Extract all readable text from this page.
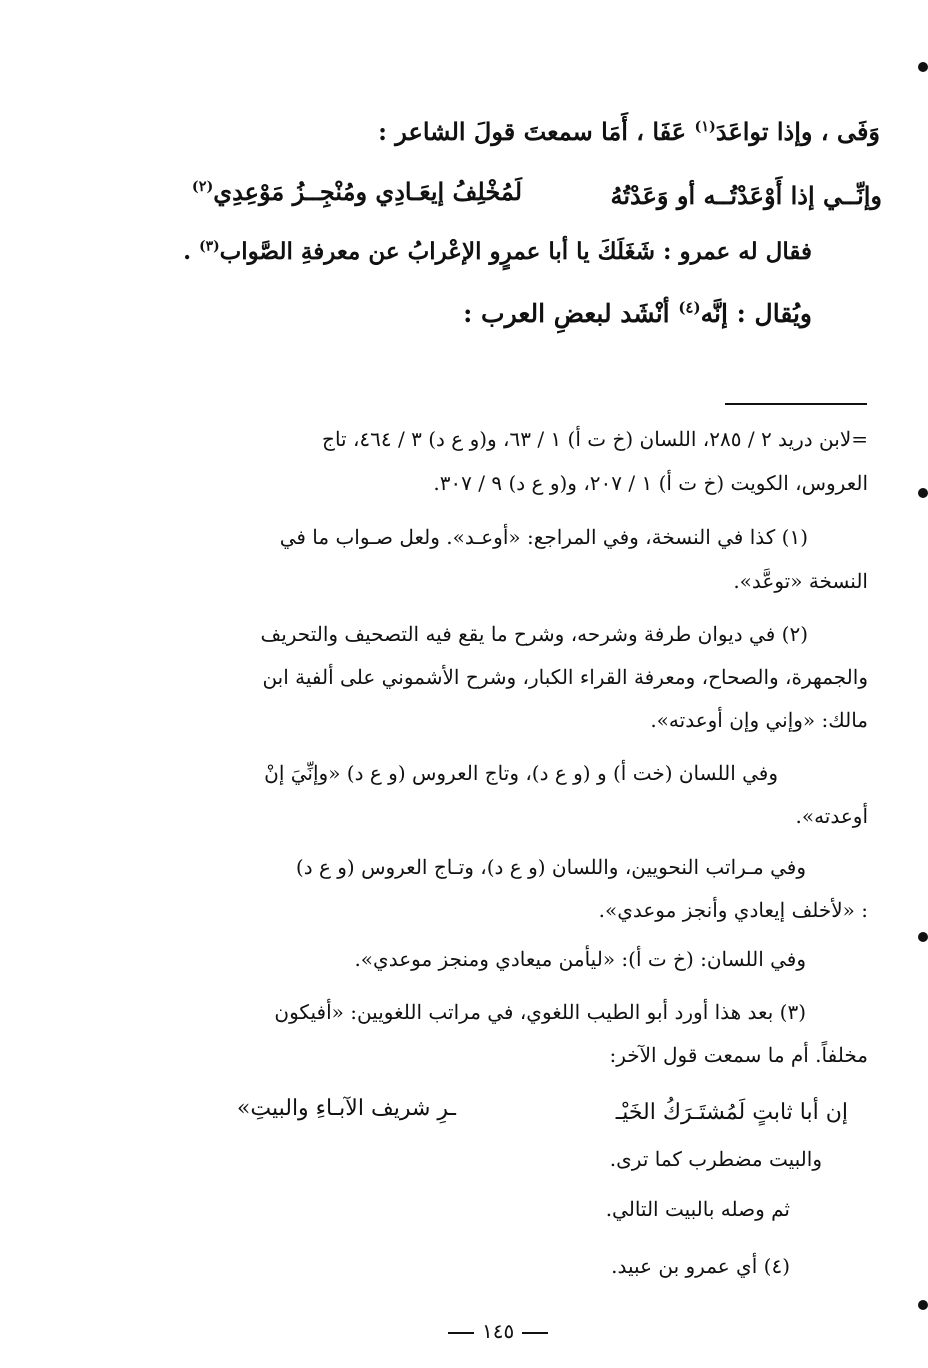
وَفَى ، وإذا تواعَدَ$^{(١)}$ عَفَا ، أَمَا سمعتَ قولَ الشاعر :
وإنِّــي إذا أَوْعَدْتُــه أو وَعَدْتُهُ
لَمُخْلِفُ إيعَـادِي ومُنْجِــزُ مَوْعِدِي$^{(٢)}$
فقال له عمرو : شَغَلَكَ يا أبا عمرٍو الإعْرابُ عن معرفةِ الصَّواب$^{(٣)}$ .
ويُقال : إنَّه$^{(٤)}$ أنْشَد لبعضِ العرب :
=لابن دريد ٢ / ٢٨٥، اللسان (خ ت أ) ١ / ٦٣، و(و ع د) ٣ / ٤٦٤، تاج
العروس، الكويت (خ ت أ) ١ / ٢٠٧، و(و ع د) ٩ / ٣٠٧.
(١) كذا في النسخة، وفي المراجع: «أوعـد». ولعل صـواب ما في
النسخة «توعَّد».
(٢) في ديوان طرفة وشرحه، وشرح ما يقع فيه التصحيف والتحريف
والجمهرة، والصحاح، ومعرفة القراء الكبار، وشرح الأشموني على ألفية ابن
مالك: «وإني وإن أوعدته».
وفي اللسان (خت أ) و (و ع د)، وتاج العروس (و ع د) «وإنِّيَ إنْ
أوعدته».
وفي مـراتب النحويين، واللسان (و ع د)، وتـاج العروس (و ع د)
: «لأخلف إيعادي وأنجز موعدي».
وفي اللسان: (خ ت أ): «ليأمن ميعادي ومنجز موعدي».
(٣) بعد هذا أورد أبو الطيب اللغوي، في مراتب اللغويين: «أفيكون
مخلفاً. أم ما سمعت قول الآخر:
إن أبا ثابتٍ لَمُشتَـرَكُ الخَيْـ
ـرِ شريف الآبـاءِ والبيتِ»
والبيت مضطرب كما ترى.
ثم وصله بالبيت التالي.
(٤) أي عمرو بن عبيد.
١٤٥
